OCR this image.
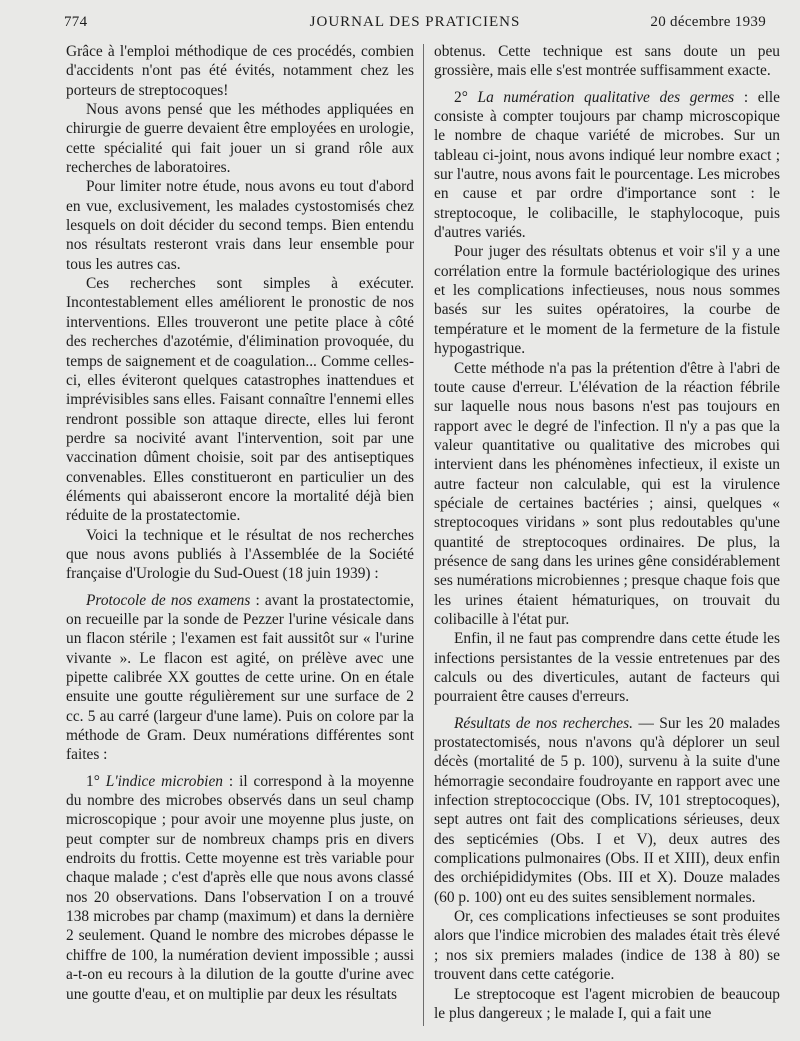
774	JOURNAL DES PRATICIENS	20 décembre 1939

Grâce à l'emploi méthodique de ces procédés, combien d'accidents n'ont pas été évités, notamment chez les porteurs de streptocoques!

Nous avons pensé que les méthodes appliquées en chirurgie de guerre devaient être employées en urologie, cette spécialité qui fait jouer un si grand rôle aux recherches de laboratoires.

Pour limiter notre étude, nous avons eu tout d'abord en vue, exclusivement, les malades cystostomisés chez lesquels on doit décider du second temps. Bien entendu nos résultats resteront vrais dans leur ensemble pour tous les autres cas.

Ces recherches sont simples à exécuter. Incontestablement elles améliorent le pronostic de nos interventions. Elles trouveront une petite place à côté des recherches d'azotémie, d'élimination provoquée, du temps de saignement et de coagulation... Comme celles-ci, elles éviteront quelques catastrophes inattendues et imprévisibles sans elles. Faisant connaître l'ennemi elles rendront possible son attaque directe, elles lui feront perdre sa nocivité avant l'intervention, soit par une vaccination dûment choisie, soit par des antiseptiques convenables. Elles constitueront en particulier un des éléments qui abaisseront encore la mortalité déjà bien réduite de la prostatectomie.

Voici la technique et le résultat de nos recherches que nous avons publiés à l'Assemblée de la Société française d'Urologie du Sud-Ouest (18 juin 1939) :

Protocole de nos examens : avant la prostatectomie, on recueille par la sonde de Pezzer l'urine vésicale dans un flacon stérile ; l'examen est fait aussitôt sur « l'urine vivante ». Le flacon est agité, on prélève avec une pipette calibrée XX gouttes de cette urine. On en étale ensuite une goutte régulièrement sur une surface de 2 cc. 5 au carré (largeur d'une lame). Puis on colore par la méthode de Gram. Deux numérations différentes sont faites :

1° L'indice microbien : il correspond à la moyenne du nombre des microbes observés dans un seul champ microscopique ; pour avoir une moyenne plus juste, on peut compter sur de nombreux champs pris en divers endroits du frottis. Cette moyenne est très variable pour chaque malade ; c'est d'après elle que nous avons classé nos 20 observations. Dans l'observation I on a trouvé 138 microbes par champ (maximum) et dans la dernière 2 seulement. Quand le nombre des microbes dépasse le chiffre de 100, la numération devient impossible ; aussi a-t-on eu recours à la dilution de la goutte d'urine avec une goutte d'eau, et on multiplie par deux les résultats

obtenus. Cette technique est sans doute un peu grossière, mais elle s'est montrée suffisamment exacte.

2° La numération qualitative des germes : elle consiste à compter toujours par champ microscopique le nombre de chaque variété de microbes. Sur un tableau ci-joint, nous avons indiqué leur nombre exact ; sur l'autre, nous avons fait le pourcentage. Les microbes en cause et par ordre d'importance sont : le streptocoque, le colibacille, le staphylocoque, puis d'autres variés.

Pour juger des résultats obtenus et voir s'il y a une corrélation entre la formule bactériologique des urines et les complications infectieuses, nous nous sommes basés sur les suites opératoires, la courbe de température et le moment de la fermeture de la fistule hypogastrique.

Cette méthode n'a pas la prétention d'être à l'abri de toute cause d'erreur. L'élévation de la réaction fébrile sur laquelle nous nous basons n'est pas toujours en rapport avec le degré de l'infection. Il n'y a pas que la valeur quantitative ou qualitative des microbes qui intervient dans les phénomènes infectieux, il existe un autre facteur non calculable, qui est la virulence spéciale de certaines bactéries ; ainsi, quelques « streptocoques viridans » sont plus redoutables qu'une quantité de streptocoques ordinaires. De plus, la présence de sang dans les urines gêne considérablement ses numérations microbiennes ; presque chaque fois que les urines étaient hématuriques, on trouvait du colibacille à l'état pur.

Enfin, il ne faut pas comprendre dans cette étude les infections persistantes de la vessie entretenues par des calculs ou des diverticules, autant de facteurs qui pourraient être causes d'erreurs.

Résultats de nos recherches. — Sur les 20 malades prostatectomisés, nous n'avons qu'à déplorer un seul décès (mortalité de 5 p. 100), survenu à la suite d'une hémorragie secondaire foudroyante en rapport avec une infection streptococcique (Obs. IV, 101 streptocoques), sept autres ont fait des complications sérieuses, deux des septicémies (Obs. I et V), deux autres des complications pulmonaires (Obs. II et XIII), deux enfin des orchiépididymites (Obs. III et X). Douze malades (60 p. 100) ont eu des suites sensiblement normales.

Or, ces complications infectieuses se sont produites alors que l'indice microbien des malades était très élevé ; nos six premiers malades (indice de 138 à 80) se trouvent dans cette catégorie.

Le streptocoque est l'agent microbien de beaucoup le plus dangereux ; le malade I, qui a fait une
